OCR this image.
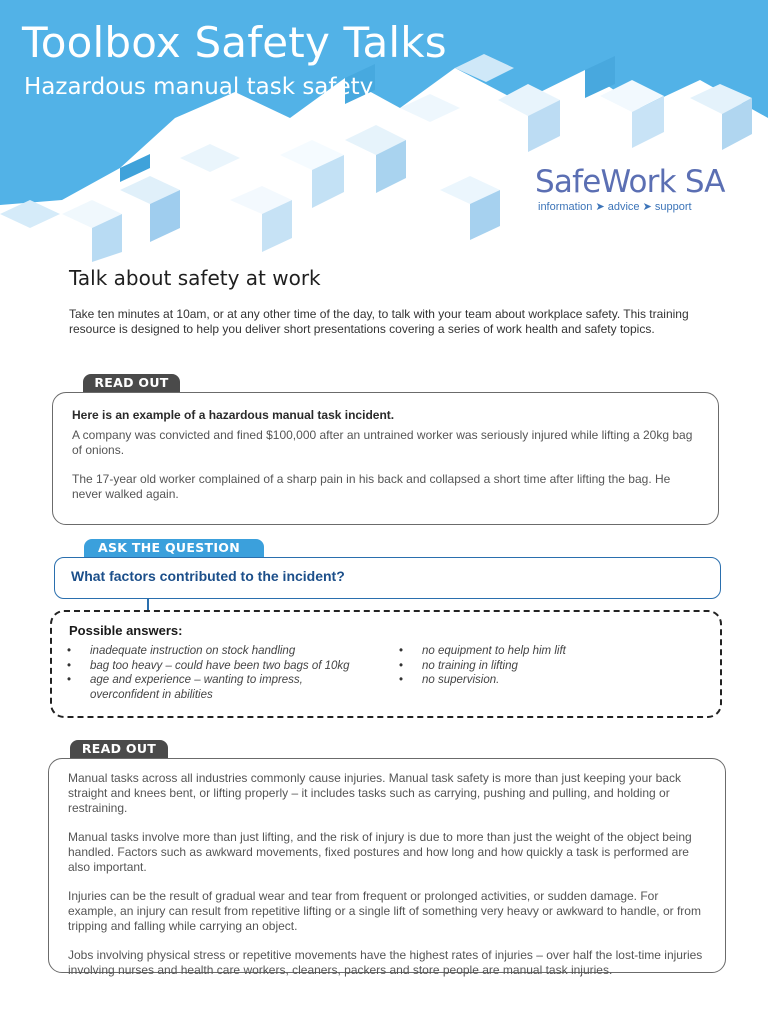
Toolbox Safety Talks
Hazardous manual task safety
SafeWork SA
information ➤ advice ➤ support
Talk about safety at work

Take ten minutes at 10am, or at any other time of the day, to talk with your team about workplace safety. This training resource is designed to help you deliver short presentations covering a series of work health and safety topics.

READ OUT

Here is an example of a hazardous manual task incident.

A company was convicted and fined $100,000 after an untrained worker was seriously injured while lifting a 20kg bag of onions.

The 17-year old worker complained of a sharp pain in his back and collapsed a short time after lifting the bag. He never walked again.

ASK THE QUESTION
What factors contributed to the incident?
Possible answers:
• inadequate instruction on stock handling
• bag too heavy – could have been two bags of 10kg
• age and experience – wanting to impress, overconfident in abilities
• no equipment to help him lift
• no training in lifting
• no supervision.
READ OUT

Manual tasks across all industries commonly cause injuries. Manual task safety is more than just keeping your back straight and knees bent, or lifting properly – it includes tasks such as carrying, pushing and pulling, and holding or restraining.

Manual tasks involve more than just lifting, and the risk of injury is due to more than just the weight of the object being handled. Factors such as awkward movements, fixed postures and how long and how quickly a task is performed are also important.

Injuries can be the result of gradual wear and tear from frequent or prolonged activities, or sudden damage. For example, an injury can result from repetitive lifting or a single lift of something very heavy or awkward to handle, or from tripping and falling while carrying an object.

Jobs involving physical stress or repetitive movements have the highest rates of injuries – over half the lost-time injuries involving nurses and health care workers, cleaners, packers and store people are manual task injuries.
